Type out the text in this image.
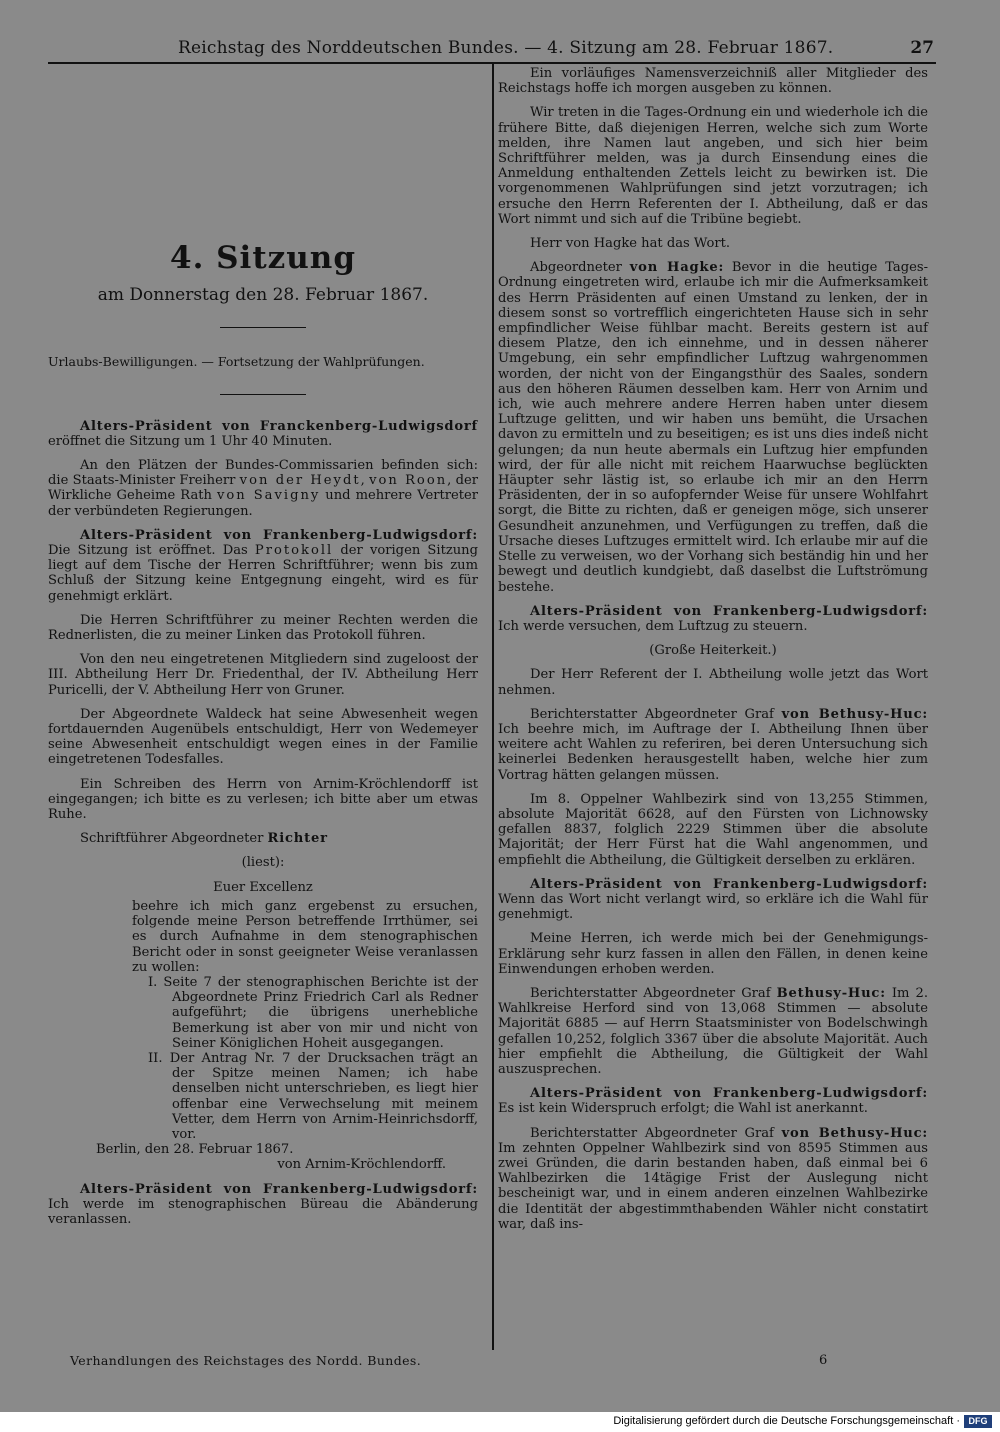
Reichstag des Norddeutschen Bundes. — 4. Sitzung am 28. Februar 1867.	27

4. Sitzung

am Donnerstag den 28. Februar 1867.

Urlaubs-Bewilligungen. — Fortsetzung der Wahlprüfungen.

Alters-Präsident von Franckenberg-Ludwigsdorf eröffnet die Sitzung um 1 Uhr 40 Minuten.

An den Plätzen der Bundes-Commissarien befinden sich: die Staats-Minister Freiherr von der Heydt, von Roon, der Wirkliche Geheime Rath von Savigny und mehrere Vertreter der verbündeten Regierungen.

Alters-Präsident von Frankenberg-Ludwigsdorf: Die Sitzung ist eröffnet. Das Protokoll der vorigen Sitzung liegt auf dem Tische der Herren Schriftführer; wenn bis zum Schluß der Sitzung keine Entgegnung eingeht, wird es für genehmigt erklärt.

Die Herren Schriftführer zu meiner Rechten werden die Rednerlisten, die zu meiner Linken das Protokoll führen.

Von den neu eingetretenen Mitgliedern sind zugeloost der III. Abtheilung Herr Dr. Friedenthal, der IV. Abtheilung Herr Puricelli, der V. Abtheilung Herr von Gruner.

Der Abgeordnete Waldeck hat seine Abwesenheit wegen fortdauernden Augenübels entschuldigt, Herr von Wedemeyer seine Abwesenheit entschuldigt wegen eines in der Familie eingetretenen Todesfalles.

Ein Schreiben des Herrn von Arnim-Kröchlendorff ist eingegangen; ich bitte es zu verlesen; ich bitte aber um etwas Ruhe.

Schriftführer Abgeordneter Richter

(liest):

Euer Excellenz

beehre ich mich ganz ergebenst zu ersuchen, folgende meine Person betreffende Irrthümer, sei es durch Aufnahme in dem stenographischen Bericht oder in sonst geeigneter Weise veranlassen zu wollen:

I. Seite 7 der stenographischen Berichte ist der Abgeordnete Prinz Friedrich Carl als Redner aufgeführt; die übrigens unerhebliche Bemerkung ist aber von mir und nicht von Seiner Königlichen Hoheit ausgegangen.

II. Der Antrag Nr. 7 der Drucksachen trägt an der Spitze meinen Namen; ich habe denselben nicht unterschrieben, es liegt hier offenbar eine Verwechselung mit meinem Vetter, dem Herrn von Arnim-Heinrichsdorff, vor.

Berlin, den 28. Februar 1867.

von Arnim-Kröchlendorff.

Alters-Präsident von Frankenberg-Ludwigsdorf: Ich werde im stenographischen Büreau die Abänderung veranlassen.

Ein vorläufiges Namensverzeichniß aller Mitglieder des Reichstags hoffe ich morgen ausgeben zu können.

Wir treten in die Tages-Ordnung ein und wiederhole ich die frühere Bitte, daß diejenigen Herren, welche sich zum Worte melden, ihre Namen laut angeben, und sich hier beim Schriftführer melden, was ja durch Einsendung eines die Anmeldung enthaltenden Zettels leicht zu bewirken ist. Die vorgenommenen Wahlprüfungen sind jetzt vorzutragen; ich ersuche den Herrn Referenten der I. Abtheilung, daß er das Wort nimmt und sich auf die Tribüne begiebt.

Herr von Hagke hat das Wort.

Abgeordneter von Hagke: Bevor in die heutige Tages-Ordnung eingetreten wird, erlaube ich mir die Aufmerksamkeit des Herrn Präsidenten auf einen Umstand zu lenken, der in diesem sonst so vortrefflich eingerichteten Hause sich in sehr empfindlicher Weise fühlbar macht. Bereits gestern ist auf diesem Platze, den ich einnehme, und in dessen näherer Umgebung, ein sehr empfindlicher Luftzug wahrgenommen worden, der nicht von der Eingangsthür des Saales, sondern aus den höheren Räumen desselben kam. Herr von Arnim und ich, wie auch mehrere andere Herren haben unter diesem Luftzuge gelitten, und wir haben uns bemüht, die Ursachen davon zu ermitteln und zu beseitigen; es ist uns dies indeß nicht gelungen; da nun heute abermals ein Luftzug hier empfunden wird, der für alle nicht mit reichem Haarwuchse beglückten Häupter sehr lästig ist, so erlaube ich mir an den Herrn Präsidenten, der in so aufopfernder Weise für unsere Wohlfahrt sorgt, die Bitte zu richten, daß er geneigen möge, sich unserer Gesundheit anzunehmen, und Verfügungen zu treffen, daß die Ursache dieses Luftzuges ermittelt wird. Ich erlaube mir auf die Stelle zu verweisen, wo der Vorhang sich beständig hin und her bewegt und deutlich kundgiebt, daß daselbst die Luftströmung bestehe.

Alters-Präsident von Frankenberg-Ludwigsdorf: Ich werde versuchen, dem Luftzug zu steuern.

(Große Heiterkeit.)

Der Herr Referent der I. Abtheilung wolle jetzt das Wort nehmen.

Berichterstatter Abgeordneter Graf von Bethusy-Huc: Ich beehre mich, im Auftrage der I. Abtheilung Ihnen über weitere acht Wahlen zu referiren, bei deren Untersuchung sich keinerlei Bedenken herausgestellt haben, welche hier zum Vortrag hätten gelangen müssen.

Im 8. Oppelner Wahlbezirk sind von 13,255 Stimmen, absolute Majorität 6628, auf den Fürsten von Lichnowsky gefallen 8837, folglich 2229 Stimmen über die absolute Majorität; der Herr Fürst hat die Wahl angenommen, und empfiehlt die Abtheilung, die Gültigkeit derselben zu erklären.

Alters-Präsident von Frankenberg-Ludwigsdorf: Wenn das Wort nicht verlangt wird, so erkläre ich die Wahl für genehmigt.

Meine Herren, ich werde mich bei der Genehmigungs-Erklärung sehr kurz fassen in allen den Fällen, in denen keine Einwendungen erhoben werden.

Berichterstatter Abgeordneter Graf Bethusy-Huc: Im 2. Wahlkreise Herford sind von 13,068 Stimmen — absolute Majorität 6885 — auf Herrn Staatsminister von Bodelschwingh gefallen 10,252, folglich 3367 über die absolute Majorität. Auch hier empfiehlt die Abtheilung, die Gültigkeit der Wahl auszusprechen.

Alters-Präsident von Frankenberg-Ludwigsdorf: Es ist kein Widerspruch erfolgt; die Wahl ist anerkannt.

Berichterstatter Abgeordneter Graf von Bethusy-Huc: Im zehnten Oppelner Wahlbezirk sind von 8595 Stimmen aus zwei Gründen, die darin bestanden haben, daß einmal bei 6 Wahlbezirken die 14tägige Frist der Auslegung nicht bescheinigt war, und in einem anderen einzelnen Wahlbezirke die Identität der abgestimmthabenden Wähler nicht constatirt war, daß ins-

Verhandlungen des Reichstages des Nordd. Bundes.	6
Digitalisierung gefördert durch die Deutsche Forschungsgemeinschaft · DFG
